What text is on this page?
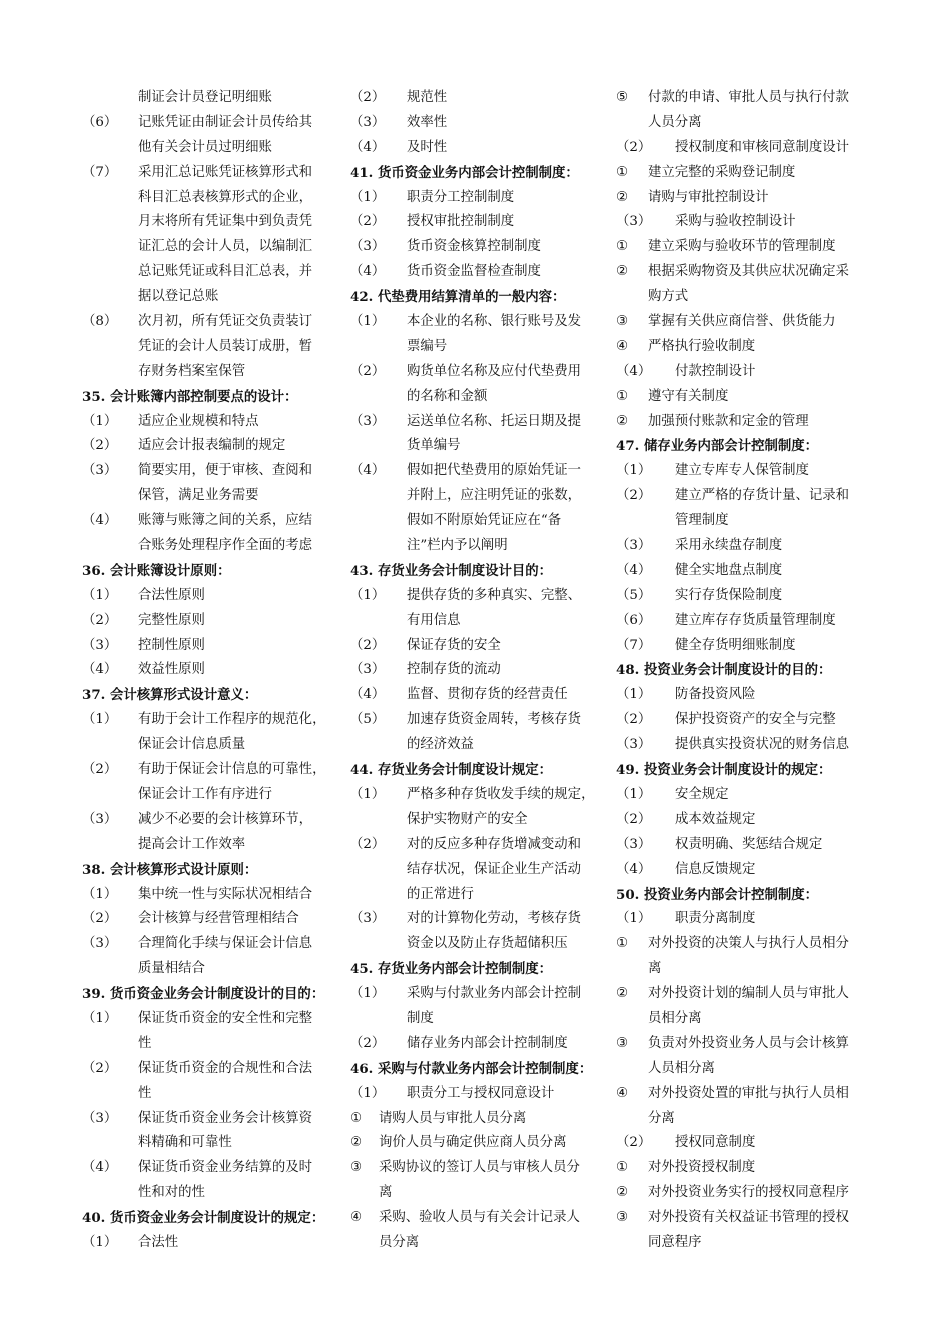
制证会计员登记明细账
（6） 记账凭证由制证会计员传给其
他有关会计员过明细账
（7） 采用汇总记账凭证核算形式和
科目汇总表核算形式的企业，
月末将所有凭证集中到负责凭
证汇总的会计人员，以编制汇
总记账凭证或科目汇总表，并
据以登记总账
（8） 次月初，所有凭证交负责装订
凭证的会计人员装订成册，暂
存财务档案室保管
35. 会计账簿内部控制要点的设计：
（1） 适应企业规模和特点
（2） 适应会计报表编制的规定
（3） 简要实用，便于审核、查阅和
保管，满足业务需要
（4） 账簿与账簿之间的关系，应结
合账务处理程序作全面的考虑
36. 会计账簿设计原则：
（1） 合法性原则
（2） 完整性原则
（3） 控制性原则
（4） 效益性原则
37. 会计核算形式设计意义：
（1） 有助于会计工作程序的规范化，
保证会计信息质量
（2） 有助于保证会计信息的可靠性，
保证会计工作有序进行
（3） 减少不必要的会计核算环节，
提高会计工作效率
38. 会计核算形式设计原则：
（1） 集中统一性与实际状况相结合
（2） 会计核算与经营管理相结合
（3） 合理简化手续与保证会计信息
质量相结合
39. 货币资金业务会计制度设计的目的：
（1） 保证货币资金的安全性和完整
性
（2） 保证货币资金的合规性和合法
性
（3） 保证货币资金业务会计核算资
料精确和可靠性
（4） 保证货币资金业务结算的及时
性和对的性
40. 货币资金业务会计制度设计的规定：
（1） 合法性
（2） 规范性
（3） 效率性
（4） 及时性
41. 货币资金业务内部会计控制制度：
（1） 职责分工控制制度
（2） 授权审批控制制度
（3） 货币资金核算控制制度
（4） 货币资金监督检查制度
42. 代垫费用结算清单的一般内容：
（1） 本企业的名称、银行账号及发
票编号
（2） 购货单位名称及应付代垫费用
的名称和金额
（3） 运送单位名称、托运日期及提
货单编号
（4） 假如把代垫费用的原始凭证一
并附上，应注明凭证的张数，
假如不附原始凭证应在“备
注”栏内予以阐明
43. 存货业务会计制度设计目的：
（1） 提供存货的多种真实、完整、
有用信息
（2） 保证存货的安全
（3） 控制存货的流动
（4） 监督、贯彻存货的经营责任
（5） 加速存货资金周转，考核存货
的经济效益
44. 存货业务会计制度设计规定：
（1） 严格多种存货收发手续的规定，
保护实物财产的安全
（2） 对的反应多种存货增减变动和
结存状况，保证企业生产活动
的正常进行
（3） 对的计算物化劳动，考核存货
资金以及防止存货超储积压
45. 存货业务内部会计控制制度：
（1） 采购与付款业务内部会计控制
制度
（2） 储存业务内部会计控制制度
46. 采购与付款业务内部会计控制制度：
（1） 职责分工与授权同意设计
① 请购人员与审批人员分离
② 询价人员与确定供应商人员分离
③ 采购协议的签订人员与审核人员分
离
④ 采购、验收人员与有关会计记录人
员分离
⑤ 付款的申请、审批人员与执行付款
人员分离
（2） 授权制度和审核同意制度设计
① 建立完整的采购登记制度
② 请购与审批控制设计
（3） 采购与验收控制设计
① 建立采购与验收环节的管理制度
② 根据采购物资及其供应状况确定采
购方式
③ 掌握有关供应商信誉、供货能力
④ 严格执行验收制度
（4） 付款控制设计
① 遵守有关制度
② 加强预付账款和定金的管理
47. 储存业务内部会计控制制度：
（1） 建立专库专人保管制度
（2） 建立严格的存货计量、记录和
管理制度
（3） 采用永续盘存制度
（4） 健全实地盘点制度
（5） 实行存货保险制度
（6） 建立库存存货质量管理制度
（7） 健全存货明细账制度
48. 投资业务会计制度设计的目的：
（1） 防备投资风险
（2） 保护投资资产的安全与完整
（3） 提供真实投资状况的财务信息
49. 投资业务会计制度设计的规定：
（1） 安全规定
（2） 成本效益规定
（3） 权责明确、奖惩结合规定
（4） 信息反馈规定
50. 投资业务内部会计控制制度：
（1） 职责分离制度
① 对外投资的决策人与执行人员相分
离
② 对外投资计划的编制人员与审批人
员相分离
③ 负责对外投资业务人员与会计核算
人员相分离
④ 对外投资处置的审批与执行人员相
分离
（2） 授权同意制度
① 对外投资授权制度
② 对外投资业务实行的授权同意程序
③ 对外投资有关权益证书管理的授权
同意程序
